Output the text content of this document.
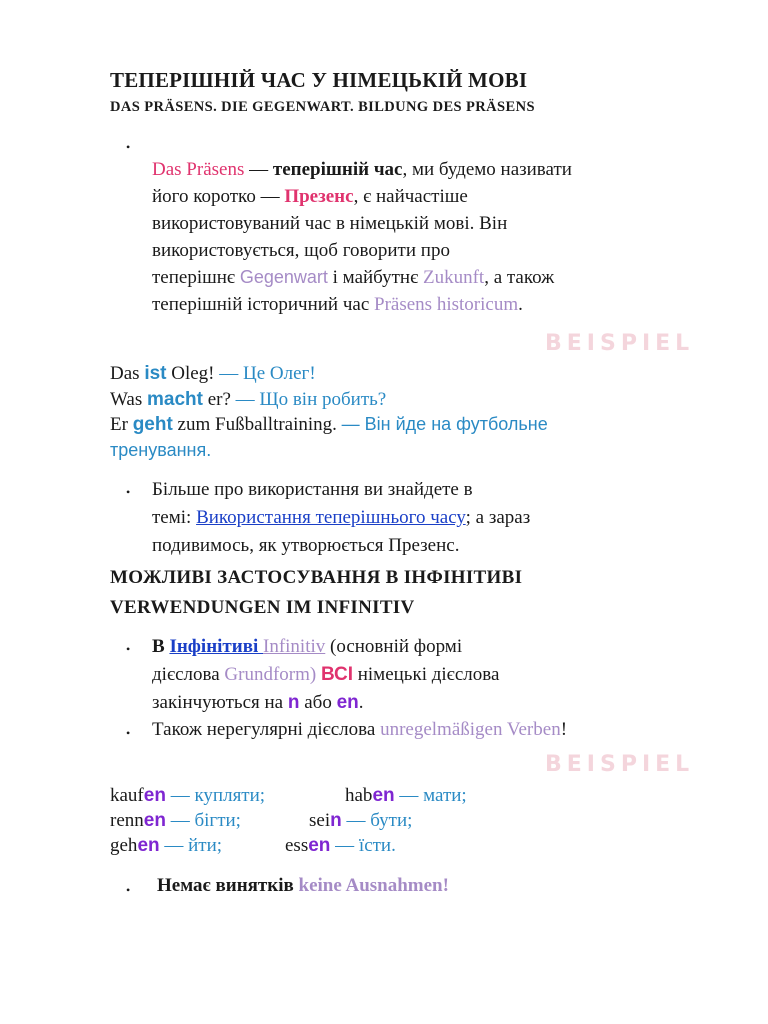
ТЕПЕРІШНІЙ ЧАС У НІМЕЦЬКІЙ МОВІ
DAS PRÄSENS. DIE GEGENWART. BILDUNG DES PRÄSENS
•
Das Präsens — теперішній час, ми будемо називати
його коротко — Презенс, є найчастіше
використовуваний час в німецькій мові. Він
використовується, щоб говорити про
теперішнє Gegenwart і майбутнє Zukunft, а також
теперішній історичний час Präsens historicum.
BEISPIEL
Das ist Oleg! — Це Олег!
Was macht er? — Що він робить?
Er geht zum Fußballtraining. — Він йде на футбольне
тренування.
• Більше про використання ви знайдете в
темі: Використання теперішнього часу; а зараз
подивимось, як утворюється Презенс.
МОЖЛИВІ ЗАСТОСУВАННЯ В ІНФІНІТИВІ
VERWENDUNGEN IM INFINITIV
• В Інфінітиві Infinitiv (основній формі
дієслова Grundform) ВСІ німецькі дієслова
закінчуються на n або en.
• Також нерегулярні дієслова unregelmäßigen Verben!
BEISPIEL
kaufen — купляти;
rennen — бігти;
gehen — йти;
haben — мати;
sein — бути;
essen — їсти.
• Немає винятків keine Ausnahmen!
